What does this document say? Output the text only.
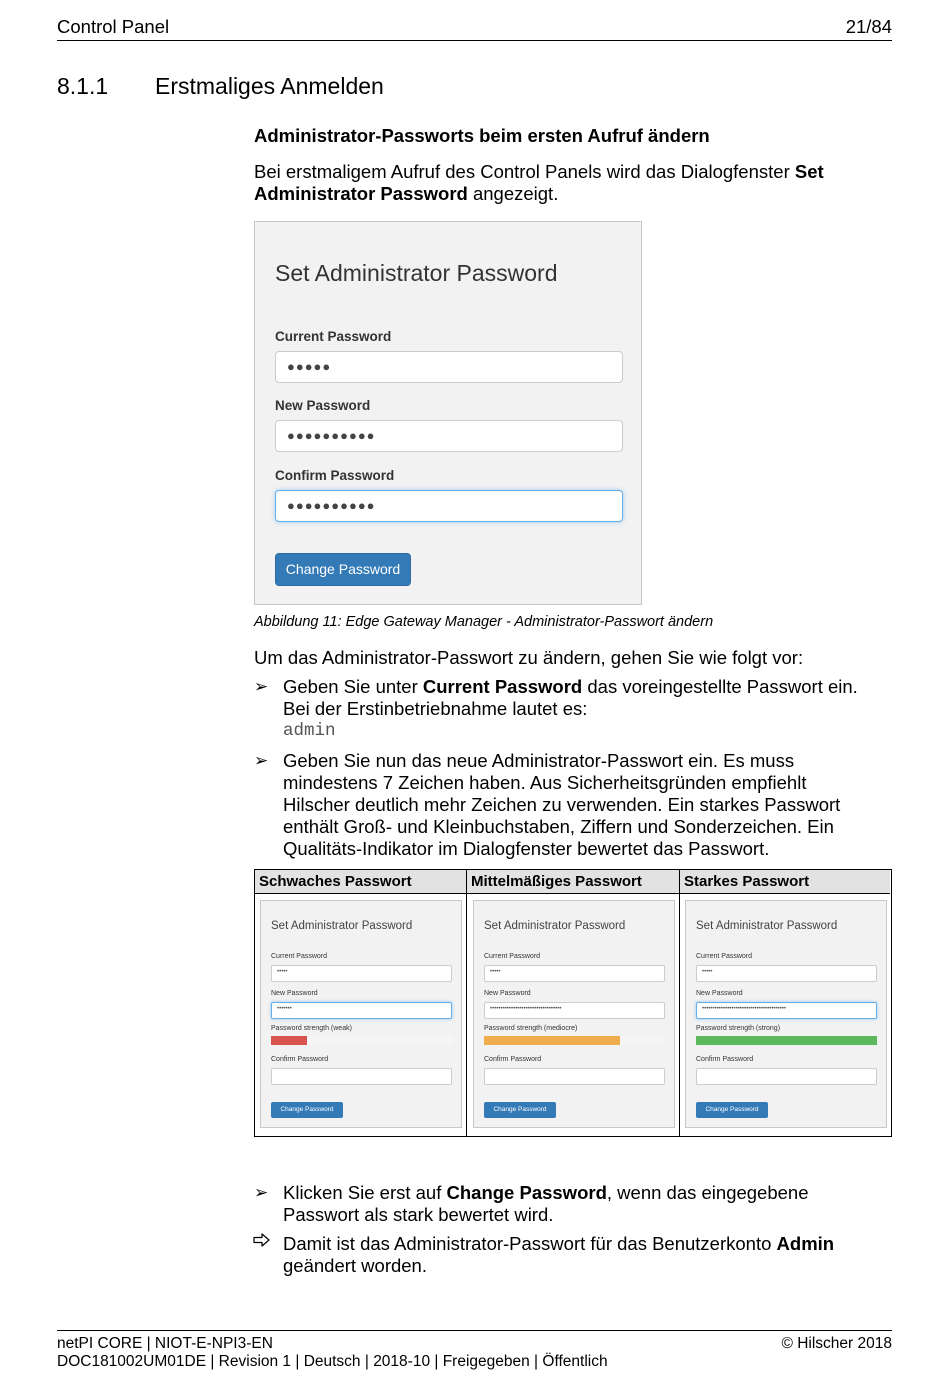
Control Panel	21/84
8.1.1 Erstmaliges Anmelden
Administrator-Passworts beim ersten Aufruf ändern
Bei erstmaligem Aufruf des Control Panels wird das Dialogfenster Set Administrator Password angezeigt.
Set Administrator Password
Current Password
●●●●●
New Password
●●●●●●●●●●
Confirm Password
●●●●●●●●●●
Change Password
Abbildung 11: Edge Gateway Manager - Administrator-Passwort ändern
Um das Administrator-Passwort zu ändern, gehen Sie wie folgt vor:
➢ Geben Sie unter Current Password das voreingestellte Passwort ein.
Bei der Erstinbetriebnahme lautet es:
admin
➢ Geben Sie nun das neue Administrator-Passwort ein. Es muss
mindestens 7 Zeichen haben. Aus Sicherheitsgründen empfiehlt
Hilscher deutlich mehr Zeichen zu verwenden. Ein starkes Passwort
enthält Groß- und Kleinbuchstaben, Ziffern und Sonderzeichen. Ein
Qualitäts-Indikator im Dialogfenster bewertet das Passwort.
Schwaches Passwort	Mittelmäßiges Passwort	Starkes Passwort
Set Administrator Password
Current Password
•••••
New Password
•••••••
Password strength (weak)
Confirm Password
Change Password
Set Administrator Password
Current Password
•••••
New Password
••••••••••••••••••••••••••••••••••
Password strength (mediocre)
Confirm Password
Change Password
Set Administrator Password
Current Password
•••••
New Password
••••••••••••••••••••••••••••••••••••••••
Password strength (strong)
Confirm Password
Change Password
➢ Klicken Sie erst auf Change Password, wenn das eingegebene
Passwort als stark bewertet wird.
Damit ist das Administrator-Passwort für das Benutzerkonto Admin
geändert worden.
netPI CORE | NIOT-E-NPI3-EN	© Hilscher 2018
DOC181002UM01DE | Revision 1 | Deutsch | 2018-10 | Freigegeben | Öffentlich
